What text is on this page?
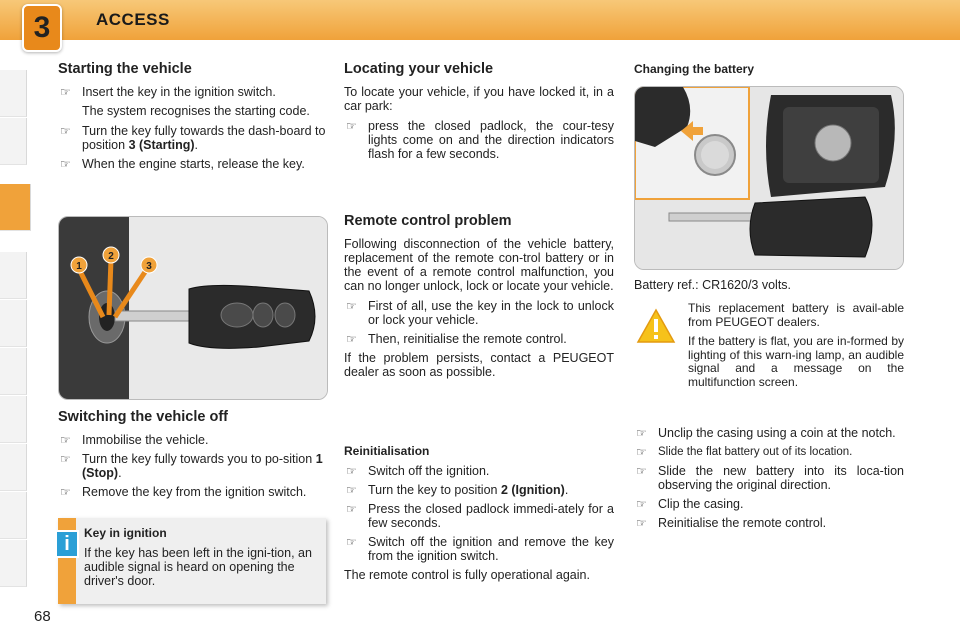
3	ACCESS
Starting the vehicle
☞ Insert the key in the ignition switch.

The system recognises the starting code.

☞ Turn the key fully towards the dash-board to position 3 (Starting).
☞ When the engine starts, release the key.
1
2
3
Switching the vehicle off
☞ Immobilise the vehicle.
☞ Turn the key fully towards you to po-sition 1 (Stop).
☞ Remove the key from the ignition switch.
Key in ignition

If the key has been left in the igni-tion, an audible signal is heard on opening the driver's door.

i
Locating your vehicle

To locate your vehicle, if you have locked it, in a car park:

☞ press the closed padlock, the cour-tesy lights come on and the direction indicators flash for a few seconds.
Remote control problem

Following disconnection of the vehicle battery, replacement of the remote con-trol battery or in the event of a remote control malfunction, you can no longer unlock, lock or locate your vehicle.

☞ First of all, use the key in the lock to unlock or lock your vehicle.
☞ Then, reinitialise the remote control.

If the problem persists, contact a PEUGEOT dealer as soon as possible.

Reinitialisation
☞ Switch off the ignition.
☞ Turn the key to position 2 (Ignition).
☞ Press the closed padlock immedi-ately for a few seconds.
☞ Switch off the ignition and remove the key from the ignition switch.

The remote control is fully operational again.

Changing the battery

Battery ref.: CR1620/3 volts.

This replacement battery is avail-able from PEUGEOT dealers.

If the battery is flat, you are in-formed by lighting of this warn-ing lamp, an audible signal and a message on the multifunction screen.

☞ Unclip the casing using a coin at the notch.
☞ Slide the flat battery out of its location.
☞ Slide the new battery into its loca-tion observing the original direction.
☞ Clip the casing.
☞ Reinitialise the remote control.
68
